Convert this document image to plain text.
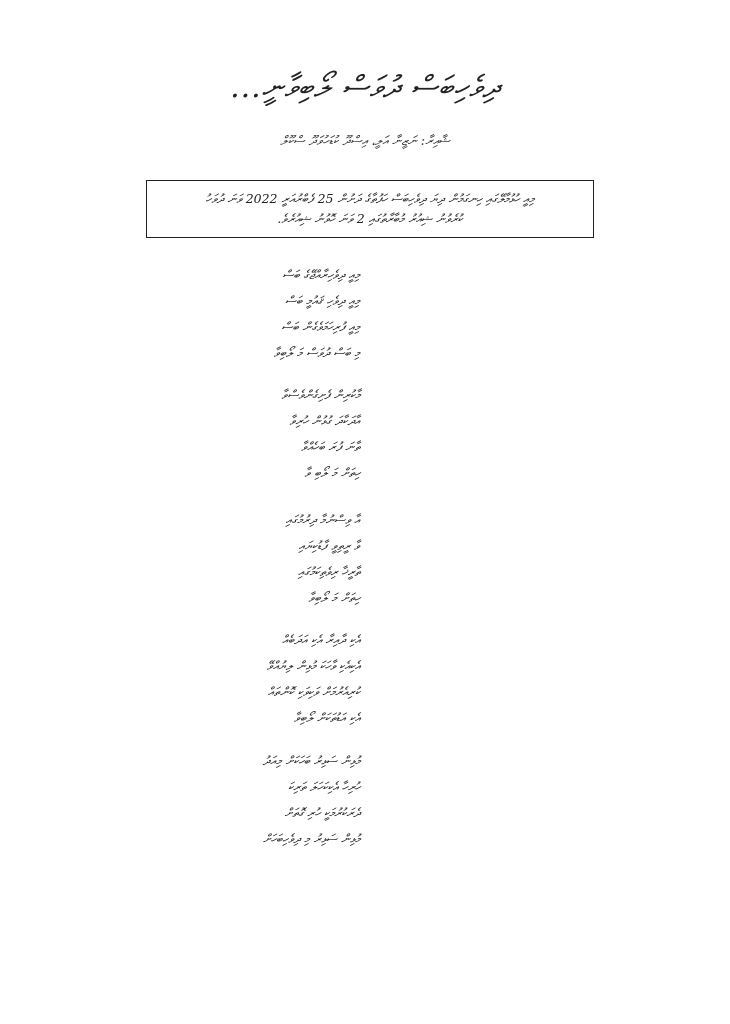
ދިވެހިބަސް ދުވަސް ލޯބިވާނީ...
ޝާއިރާ: ނަޒީނާ އަލީ، އިސްދޫ ކުޑަހުވަދޫ ސްކޫލް
މިއީ ހުޅުމާލޭގައި ހިނގަމުން ދިޔަ ދިވެހިބަސް ހަފުތާގެ ދަށުން 25 ފެބްރުއަރީ 2022 ވަނަ ދުވަހު
ކުރެވުނު ޝިއުރު މުބާރާތުގައި 2 ވަނަ ހޮވުނު ޝިއުރެވެ.
މިއީ ދިވެހިރާއްޖޭގެ ބަސް
މިއީ ދިވެހި ޤައުމީ ބަސް
މިއީ ފުރިހަމަވެގެން ބަސް
މި ބަސް ދުވަސް މަ ލޯބިވާ
މާކުރިން ފެށިގެންވެސްވާ
އާދަކާދަ ގުޅުން ހުރިވާ
ތާނަ ފުރަ ބަހެއްވާ
ހިތަށް މަ ލޯބި ވާ
އާ ވިސްނުމާ ދިރުމުގައި
ވާ ރީތިވީ ފާޑުކިޔައި
ތާރީޚާ ރިވެތިކަމުގައި
ހިތަށް މަ ލޯބިވާ
އެކި ދާއިރާ އެކި އަދަބެއް
އެކިއެކި ވާހަކަ މުޅިން ލިޔުއްވޭ
ކުރިއެރުމަށް ވަކިވަކި ކޮންތައް
އެކި އަޑުތަކަށް ލޯބިވާ
މުޅިން ސަޅިރު ބަހަކަށް މިއަދު
ހުރިހާ އެކިކަހަލަ ތަރިކަ
ދެރަކުރުމަކީ ހުރި ގޮތަށް
މުޅިން ސަޅިރު މި ދިވެހިބަހަށް
